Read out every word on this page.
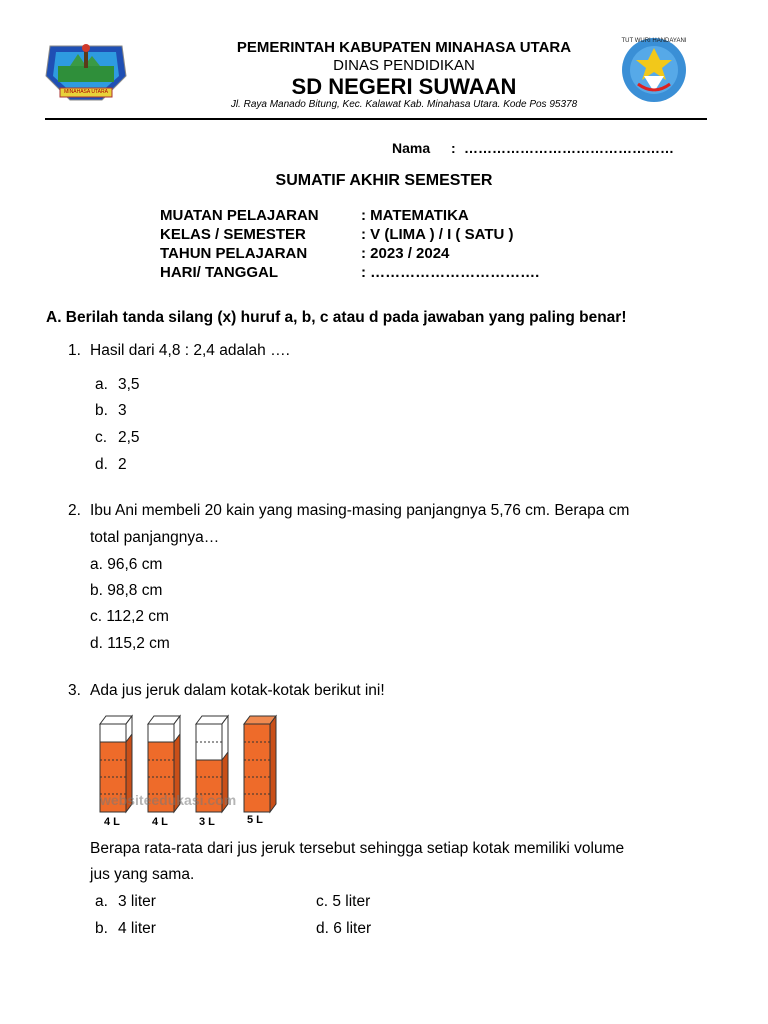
MINAHASA UTARA
PEMERINTAH KABUPATEN MINAHASA UTARA
DINAS PENDIDIKAN
SD NEGERI SUWAAN
Jl. Raya Manado Bitung, Kec. Kalawat Kab. Minahasa Utara. Kode Pos 95378
TUT WURI HANDAYANI
Nama : ………………………………………
SUMATIF AKHIR SEMESTER
MUATAN PELAJARAN	: MATEMATIKA
KELAS / SEMESTER	: V (LIMA ) / I ( SATU )
TAHUN PELAJARAN	: 2023 / 2024
HARI/ TANGGAL	: …………………………….
A. Berilah tanda silang (x) huruf a, b, c atau d pada jawaban yang paling benar!
1. Hasil dari 4,8 : 2,4 adalah ….
a. 3,5
b. 3
c. 2,5
d. 2
2. Ibu Ani membeli 20 kain yang masing-masing panjangnya 5,76 cm. Berapa cm
total panjangnya…
a. 96,6 cm
b. 98,8 cm
c. 112,2 cm
d. 115,2 cm
3. Ada jus jeruk dalam kotak-kotak berikut ini!
websiteedukasi.com
4 L	4 L	3 L	5 L
Berapa rata-rata dari jus jeruk tersebut sehingga setiap kotak memiliki volume
jus yang sama.
a. 3 liter
b. 4 liter
c. 5 liter
d. 6 liter
